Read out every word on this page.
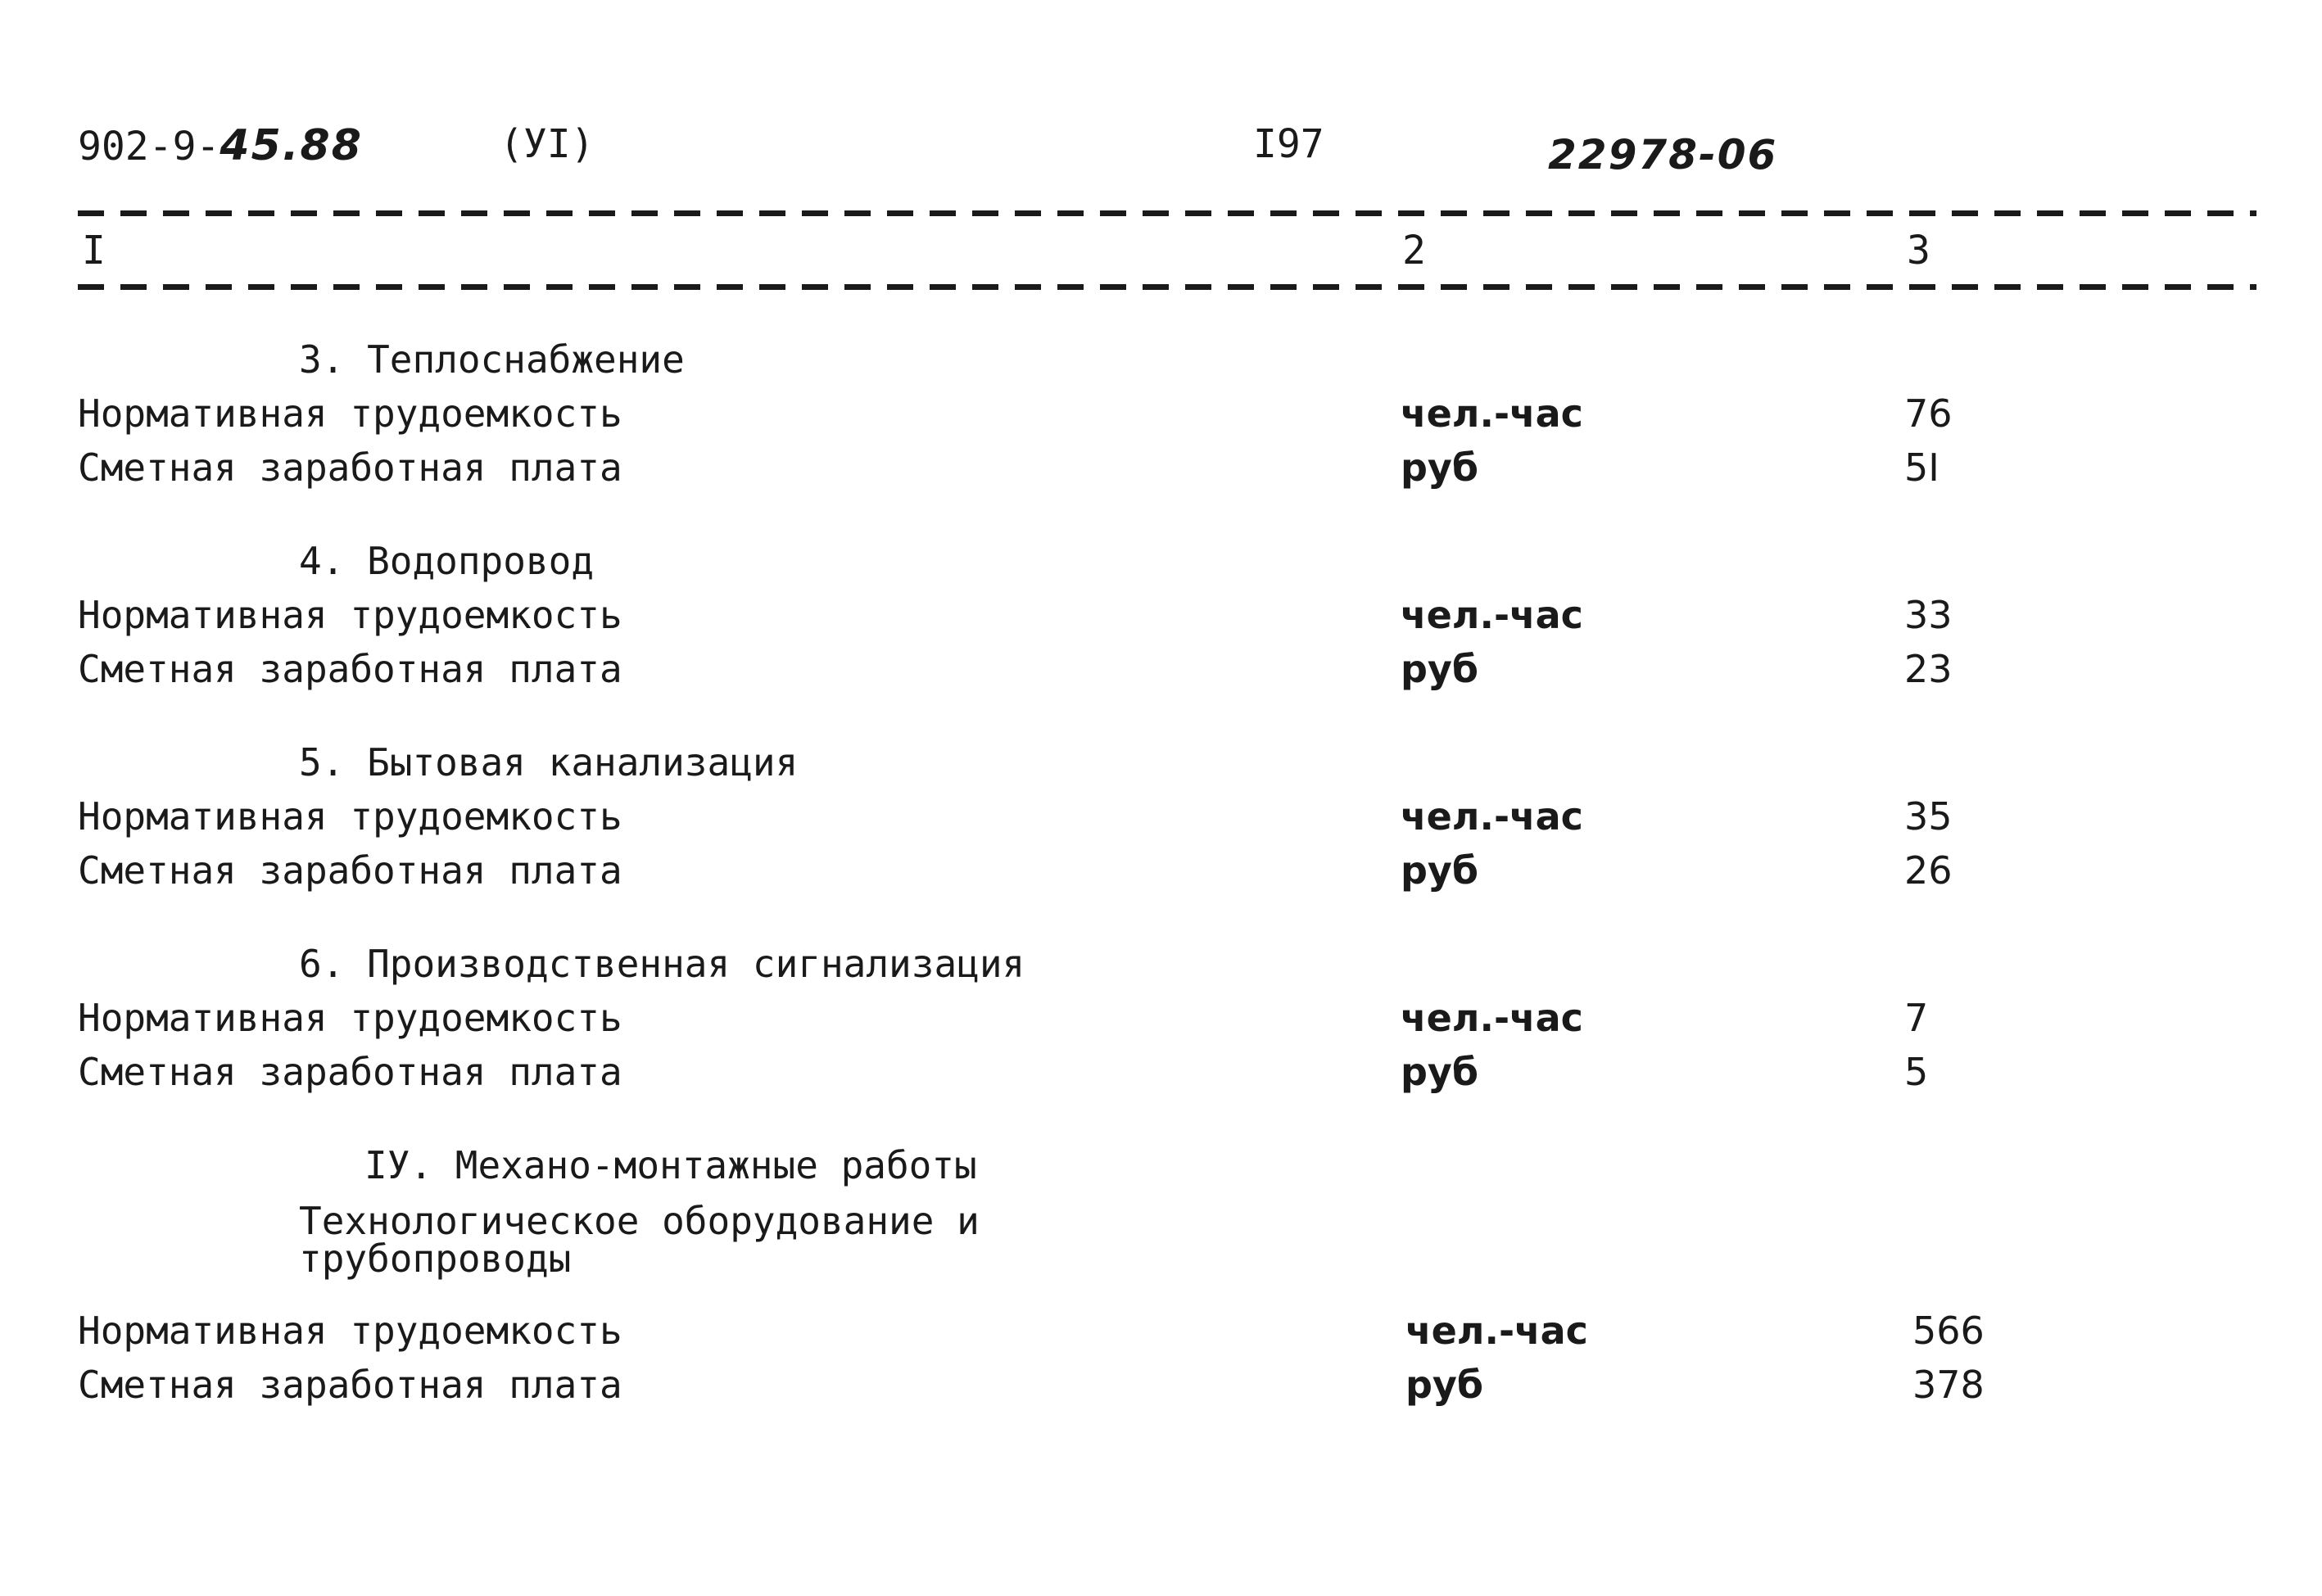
902-9-45.88	(УI)	I97	22978-06
I	2	3
3. Теплоснабжение
Нормативная трудоемкость	чел.-час	76
Сметная заработная плата	руб	5I
4. Водопровод
Нормативная трудоемкость	чел.-час	33
Сметная заработная плата	руб	23
5. Бытовая канализация
Нормативная трудоемкость	чел.-час	35
Сметная заработная плата	руб	26
6. Производственная сигнализация
Нормативная трудоемкость	чел.-час	7
Сметная заработная плата	руб	5
IУ. Механо-монтажные работы
Технологическое оборудование и трубопроводы
Нормативная трудоемкость	чел.-час	566
Сметная заработная плата	руб	378
